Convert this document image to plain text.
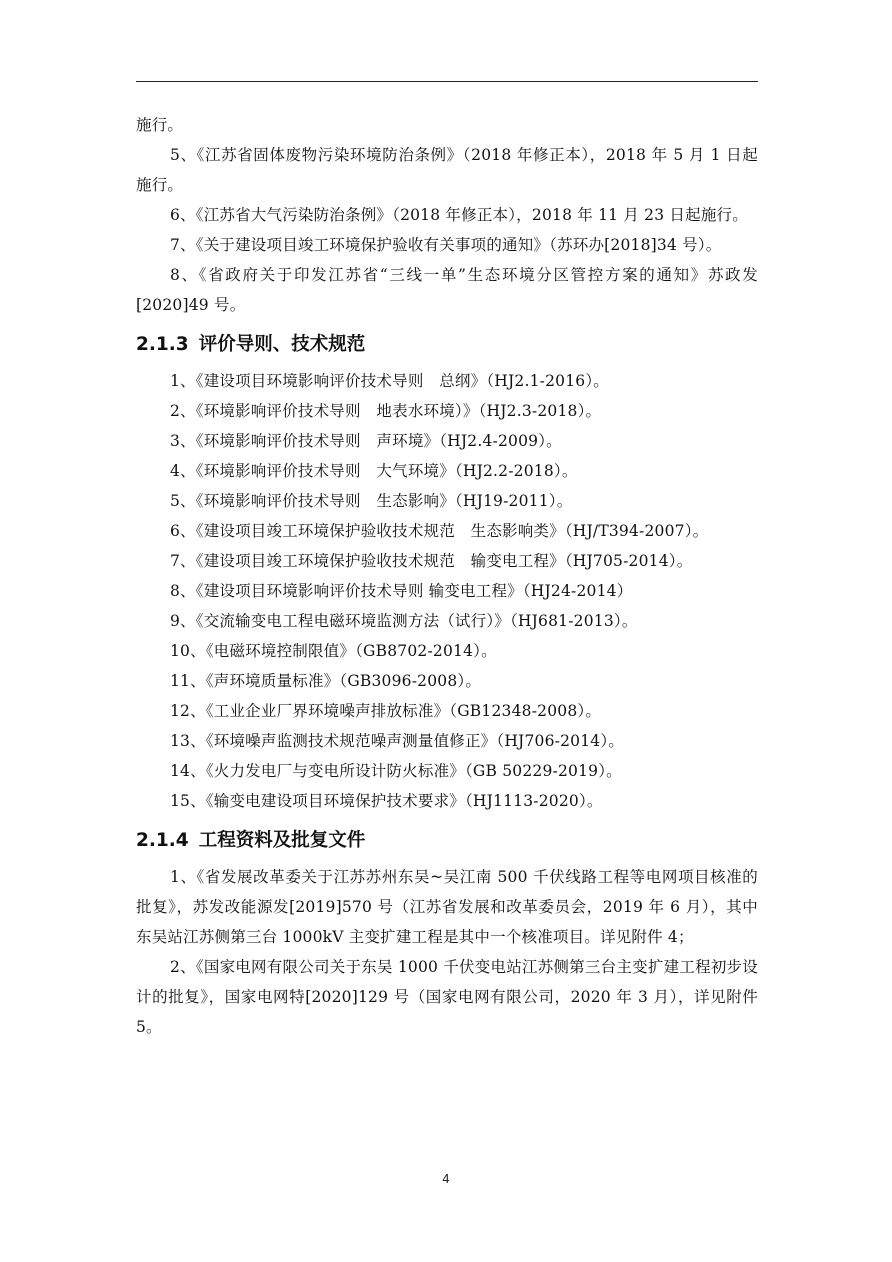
施行。

5、《江苏省固体废物污染环境防治条例》（2018 年修正本），2018 年 5 月 1 日起施行。

6、《江苏省大气污染防治条例》（2018 年修正本），2018 年 11 月 23 日起施行。

7、《关于建设项目竣工环境保护验收有关事项的通知》（苏环办[2018]34 号）。

8、《省政府关于印发江苏省“三线一单”生态环境分区管控方案的通知》苏政发[2020]49 号。

2.1.3 评价导则、技术规范

1、《建设项目环境影响评价技术导则　总纲》（HJ2.1-2016）。

2、《环境影响评价技术导则　地表水环境）》（HJ2.3-2018）。

3、《环境影响评价技术导则　声环境》（HJ2.4-2009）。

4、《环境影响评价技术导则　大气环境》（HJ2.2-2018）。

5、《环境影响评价技术导则　生态影响》（HJ19-2011）。

6、《建设项目竣工环境保护验收技术规范　生态影响类》（HJ/T394-2007）。

7、《建设项目竣工环境保护验收技术规范　输变电工程》（HJ705-2014）。

8、《建设项目环境影响评价技术导则 输变电工程》（HJ24-2014）

9、《交流输变电工程电磁环境监测方法（试行）》（HJ681-2013）。

10、《电磁环境控制限值》（GB8702-2014）。

11、《声环境质量标准》（GB3096-2008）。

12、《工业企业厂界环境噪声排放标准》（GB12348-2008）。

13、《环境噪声监测技术规范噪声测量值修正》（HJ706-2014）。

14、《火力发电厂与变电所设计防火标准》（GB 50229-2019）。

15、《输变电建设项目环境保护技术要求》（HJ1113-2020）。

2.1.4 工程资料及批复文件

1、《省发展改革委关于江苏苏州东吴~吴江南 500 千伏线路工程等电网项目核准的批复》，苏发改能源发[2019]570 号（江苏省发展和改革委员会，2019 年 6 月），其中东吴站江苏侧第三台 1000kV 主变扩建工程是其中一个核准项目。详见附件 4；

2、《国家电网有限公司关于东吴 1000 千伏变电站江苏侧第三台主变扩建工程初步设计的批复》，国家电网特[2020]129 号（国家电网有限公司，2020 年 3 月），详见附件 5。

4
